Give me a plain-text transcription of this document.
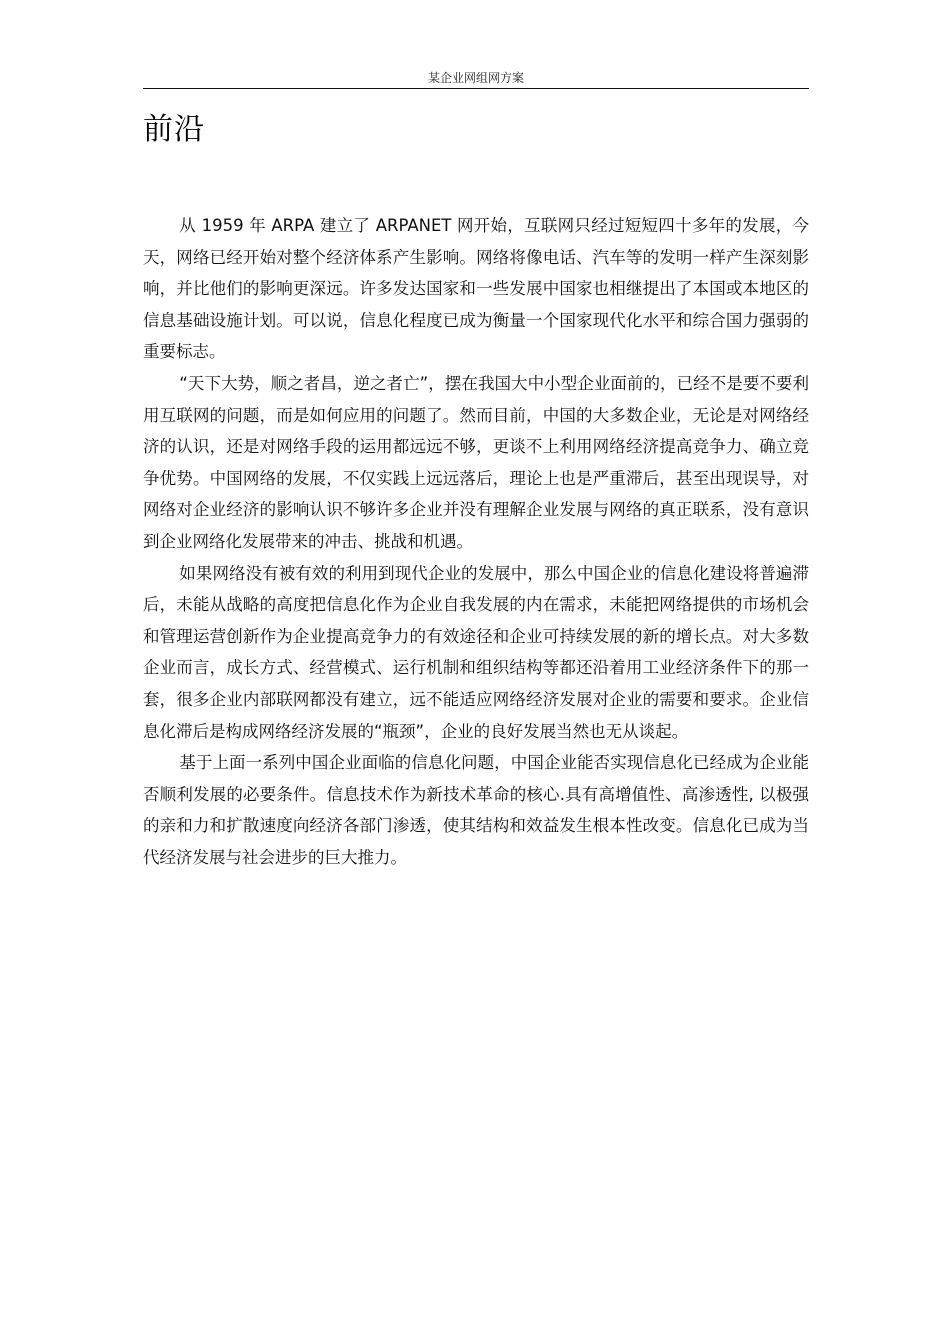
某企业网组网方案
前沿

从 1959 年 ARPA 建立了 ARPANET 网开始，互联网只经过短短四十多年的发展，今天，网络已经开始对整个经济体系产生影响。网络将像电话、汽车等的发明一样产生深刻影响，并比他们的影响更深远。许多发达国家和一些发展中国家也相继提出了本国或本地区的信息基础设施计划。可以说，信息化程度已成为衡量一个国家现代化水平和综合国力强弱的重要标志。

“天下大势，顺之者昌，逆之者亡”，摆在我国大中小型企业面前的，已经不是要不要利用互联网的问题，而是如何应用的问题了。然而目前，中国的大多数企业，无论是对网络经济的认识，还是对网络手段的运用都远远不够，更谈不上利用网络经济提高竞争力、确立竞争优势。中国网络的发展，不仅实践上远远落后，理论上也是严重滞后，甚至出现误导，对网络对企业经济的影响认识不够许多企业并没有理解企业发展与网络的真正联系，没有意识到企业网络化发展带来的冲击、挑战和机遇。

如果网络没有被有效的利用到现代企业的发展中，那么中国企业的信息化建设将普遍滞后，未能从战略的高度把信息化作为企业自我发展的内在需求，未能把网络提供的市场机会和管理运营创新作为企业提高竞争力的有效途径和企业可持续发展的新的增长点。对大多数企业而言，成长方式、经营模式、运行机制和组织结构等都还沿着用工业经济条件下的那一套，很多企业内部联网都没有建立，远不能适应网络经济发展对企业的需要和要求。企业信息化滞后是构成网络经济发展的“瓶颈”，企业的良好发展当然也无从谈起。

基于上面一系列中国企业面临的信息化问题，中国企业能否实现信息化已经成为企业能否顺利发展的必要条件。信息技术作为新技术革命的核心.具有高增值性、高渗透性, 以极强的亲和力和扩散速度向经济各部门渗透，使其结构和效益发生根本性改变。信息化已成为当代经济发展与社会进步的巨大推力。
